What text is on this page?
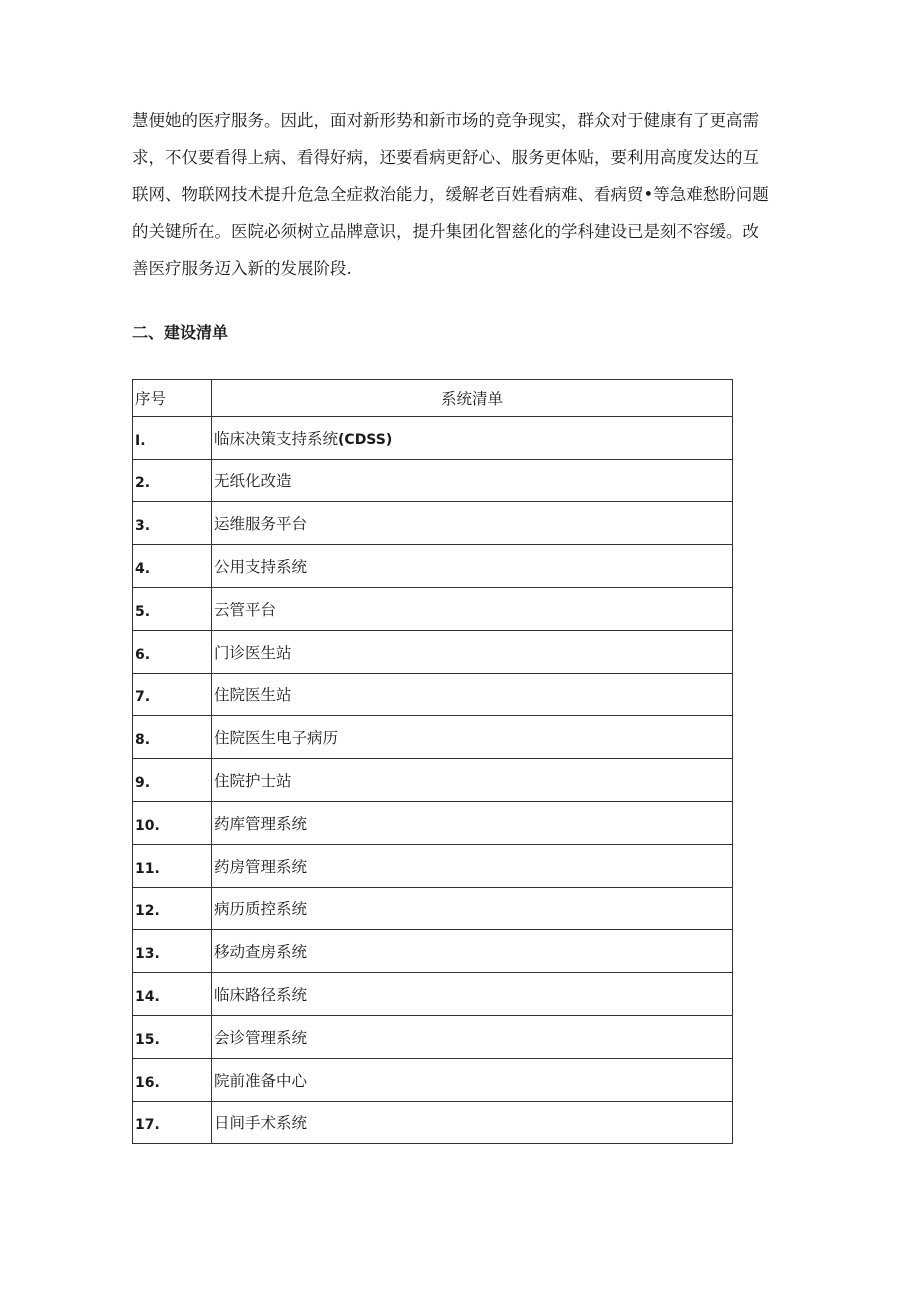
慧便她的医疗服务。因此，面对新形势和新市场的竞争现实，群众对于健康有了更高需
求，不仅要看得上病、看得好病，还要看病更舒心、服务更体贴，要利用高度发达的互
联网、物联网技术提升危急全症救治能力，缓解老百姓看病难、看病贸•等急难愁盼问题
的关键所在。医院必须树立品牌意识，提升集团化智慈化的学科建设已是刻不容缓。改
善医疗服务迈入新的发展阶段.
二、建设清单
序号	系统清单
I.	临床决策支持系统(CDSS)
2.	无纸化改造
3.	运维服务平台
4.	公用支持系统
5.	云管平台
6.	门诊医生站
7.	住院医生站
8.	住院医生电子病历
9.	住院护士站
10.	药库管理系统
11.	药房管理系统
12.	病历质控系统
13.	移动查房系统
14.	临床路径系统
15.	会诊管理系统
16.	院前准备中心
17.	日间手术系统
